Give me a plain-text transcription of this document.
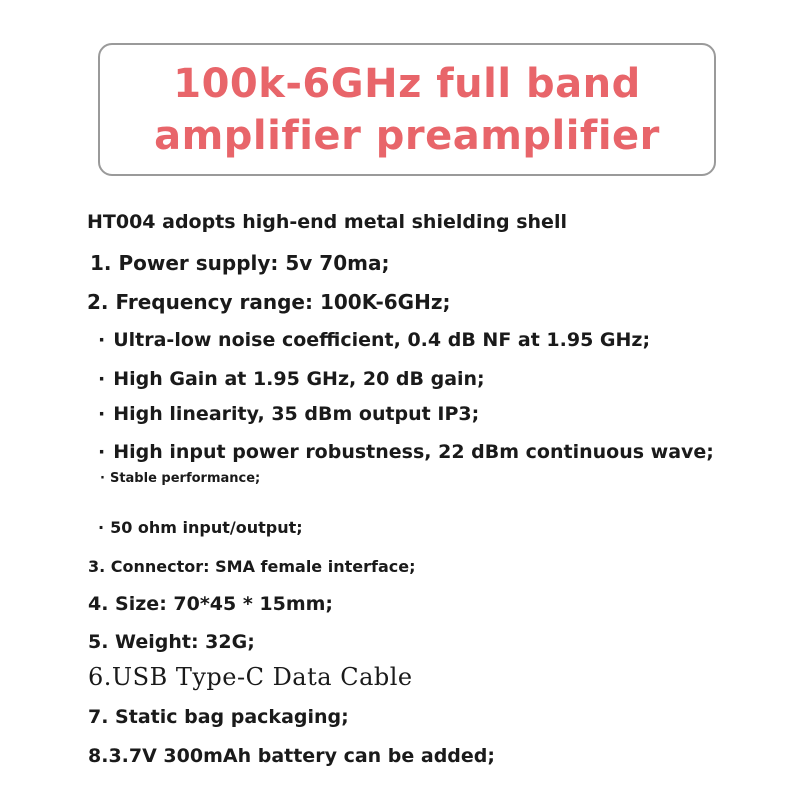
100k-6GHz full band
amplifier preamplifier
HT004 adopts high-end metal shielding shell
1. Power supply: 5v 70ma;
2. Frequency range: 100K-6GHz;
· Ultra-low noise coefficient, 0.4 dB NF at 1.95 GHz;
· High Gain at 1.95 GHz, 20 dB gain;
· High linearity, 35 dBm output IP3;
· High input power robustness, 22 dBm continuous wave;
· Stable performance;
· 50 ohm input/output;
3. Connector: SMA female interface;
4. Size: 70*45 * 15mm;
5. Weight: 32G;
6.USB Type-C Data Cable
7. Static bag packaging;
8.3.7V 300mAh battery can be added;
